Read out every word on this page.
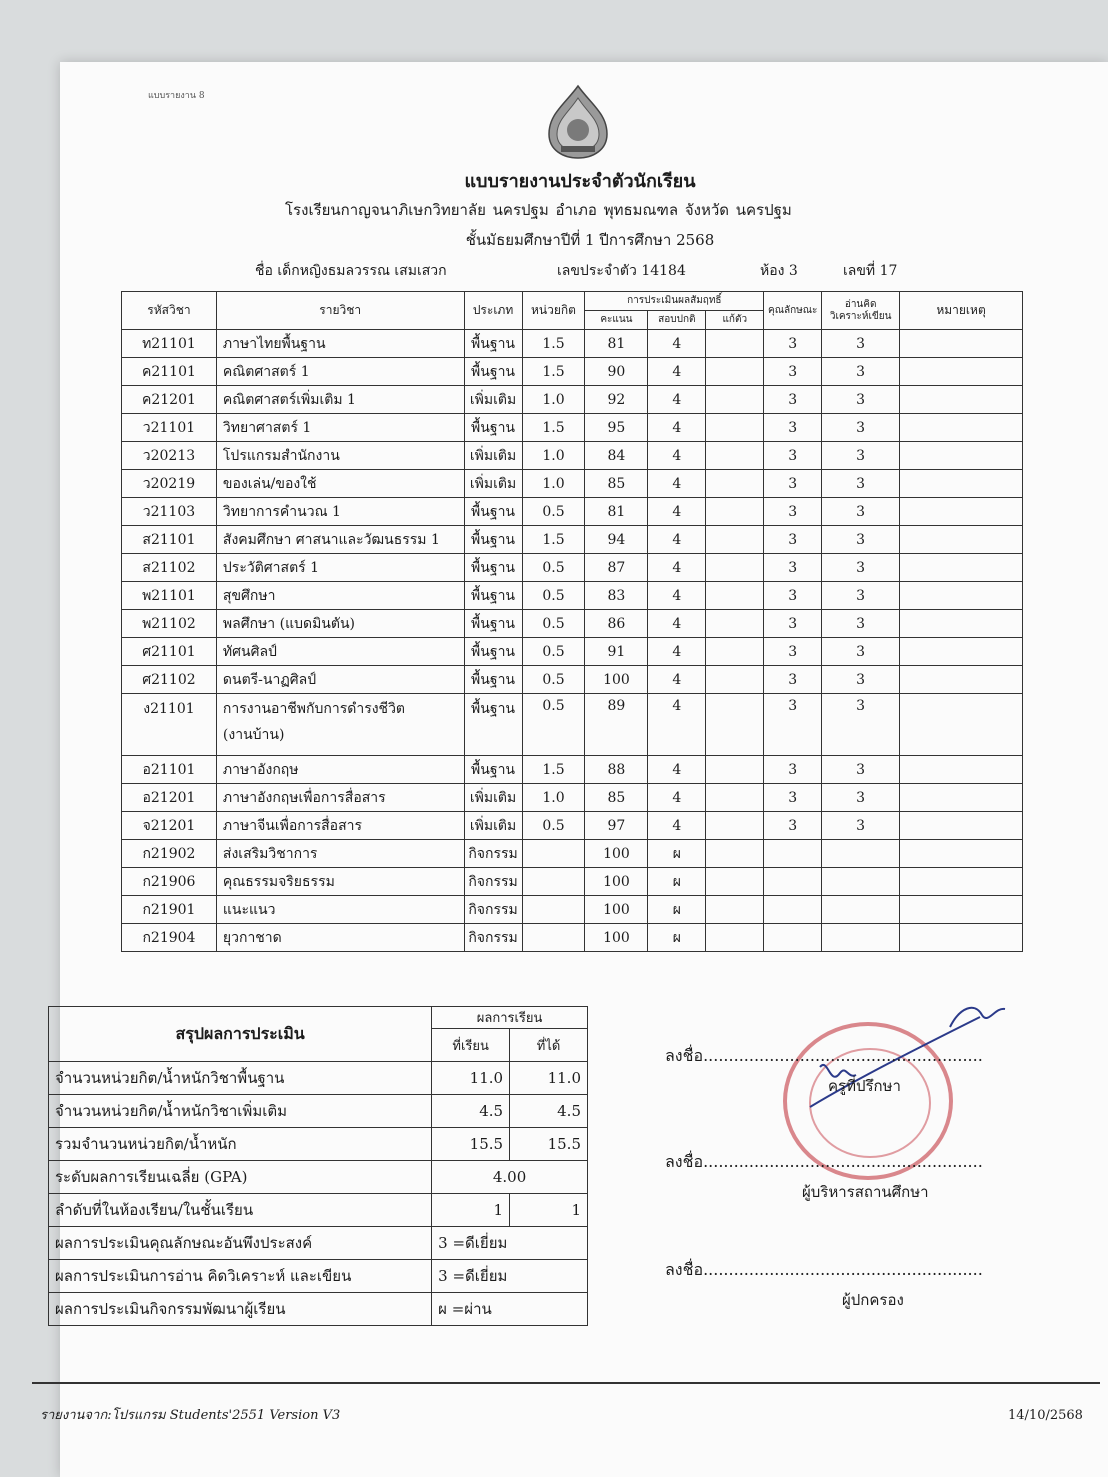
แบบรายงาน 8
แบบรายงานประจำตัวนักเรียน
โรงเรียนกาญจนาภิเษกวิทยาลัย นครปฐม อำเภอ พุทธมณฑล จังหวัด นครปฐม
ชั้นมัธยมศึกษาปีที่ 1 ปีการศึกษา 2568
ชื่อ เด็กหญิงธมลวรรณ เสมเสวก	เลขประจำตัว 14184	ห้อง 3	เลขที่ 17
รหัสวิชา	รายวิชา	ประเภท	หน่วยกิต	การประเมินผลสัมฤทธิ์			คุณลักษณะ	อ่านคิด
วิเคราะห์เขียน	หมายเหตุ
				คะแนน	สอบปกติ	แก้ตัว			
ท21101	ภาษาไทยพื้นฐาน	พื้นฐาน	1.5	81	4		3	3	
ค21101	คณิตศาสตร์ 1	พื้นฐาน	1.5	90	4		3	3	
ค21201	คณิตศาสตร์เพิ่มเติม 1	เพิ่มเติม	1.0	92	4		3	3	
ว21101	วิทยาศาสตร์ 1	พื้นฐาน	1.5	95	4		3	3	
ว20213	โปรแกรมสำนักงาน	เพิ่มเติม	1.0	84	4		3	3	
ว20219	ของเล่น/ของใช้	เพิ่มเติม	1.0	85	4		3	3	
ว21103	วิทยาการคำนวณ 1	พื้นฐาน	0.5	81	4		3	3	
ส21101	สังคมศึกษา ศาสนาและวัฒนธรรม 1	พื้นฐาน	1.5	94	4		3	3	
ส21102	ประวัติศาสตร์ 1	พื้นฐาน	0.5	87	4		3	3	
พ21101	สุขศึกษา	พื้นฐาน	0.5	83	4		3	3	
พ21102	พลศึกษา (แบดมินตัน)	พื้นฐาน	0.5	86	4		3	3	
ศ21101	ทัศนศิลป์	พื้นฐาน	0.5	91	4		3	3	
ศ21102	ดนตรี-นาฏศิลป์	พื้นฐาน	0.5	100	4		3	3	
ง21101	การงานอาชีพกับการดำรงชีวิต
(งานบ้าน)	พื้นฐาน	0.5	89	4		3	3	
อ21101	ภาษาอังกฤษ	พื้นฐาน	1.5	88	4		3	3	
อ21201	ภาษาอังกฤษเพื่อการสื่อสาร	เพิ่มเติม	1.0	85	4		3	3	
จ21201	ภาษาจีนเพื่อการสื่อสาร	เพิ่มเติม	0.5	97	4		3	3	
ก21902	ส่งเสริมวิชาการ	กิจกรรม		100	ผ				
ก21906	คุณธรรมจริยธรรม	กิจกรรม		100	ผ				
ก21901	แนะแนว	กิจกรรม		100	ผ				
ก21904	ยุวกาชาด	กิจกรรม		100	ผ				
สรุปผลการประเมิน	ผลการเรียน	
	ที่เรียน	ที่ได้
จำนวนหน่วยกิต/น้ำหนักวิชาพื้นฐาน	11.0	11.0
จำนวนหน่วยกิต/น้ำหนักวิชาเพิ่มเติม	4.5	4.5
รวมจำนวนหน่วยกิต/น้ำหนัก	15.5	15.5
ระดับผลการเรียนเฉลี่ย (GPA)	4.00	
ลำดับที่ในห้องเรียน/ในชั้นเรียน	1	1
ผลการประเมินคุณลักษณะอันพึงประสงค์	3 =ดีเยี่ยม	
ผลการประเมินการอ่าน คิดวิเคราะห์ และเขียน	3 =ดีเยี่ยม	
ผลการประเมินกิจกรรมพัฒนาผู้เรียน	ผ =ผ่าน	
ลงชื่อ.......................................................
ครูที่ปรึกษา
ลงชื่อ.......................................................
ผู้บริหารสถานศึกษา
ลงชื่อ.......................................................
ผู้ปกครอง
รายงานจาก:โปรแกรม Students'2551 Version V3	14/10/2568
